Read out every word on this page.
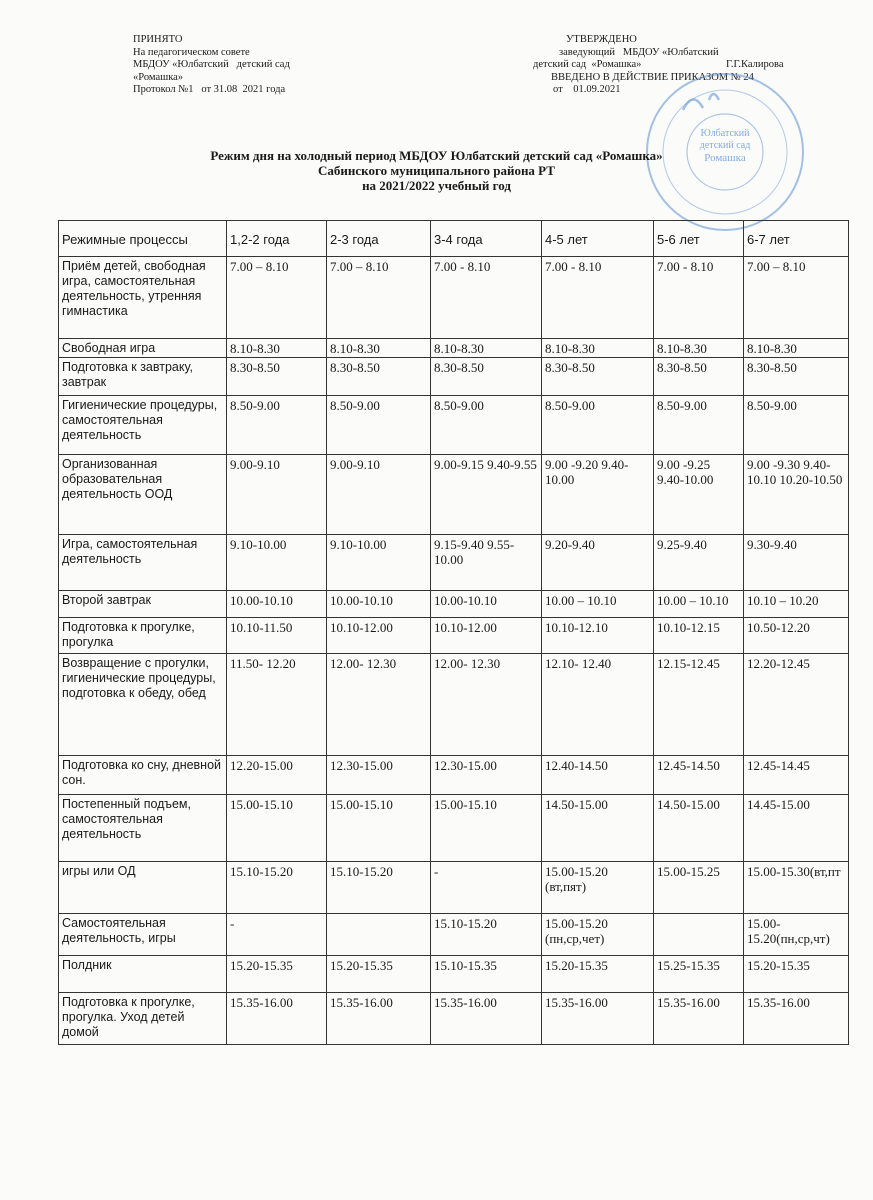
ПРИНЯТО
На педагогическом совете
МБДОУ «Юлбатский   детский сад
«Ромашка»
Протокол №1   от 31.08  2021 года
УТВЕРЖДЕНО
заведующий   МБДОУ «Юлбатский
детский сад  «Ромашка»	Г.Г.Калирова
ВВЕДЕНО В ДЕЙСТВИЕ ПРИКАЗОМ № 24
от    01.09.2021
Юлбатский
детский сад
Ромашка
Режим дня на холодный период МБДОУ Юлбатский детский сад «Ромашка»
Сабинского муниципального района РТ
на 2021/2022 учебный год
Режимные процессы	1,2-2 года	2-3 года	3-4 года	4-5 лет	5-6 лет	6-7 лет
Приём детей, свободная игра, самостоятельная деятельность, утренняя гимнастика	7.00 – 8.10	7.00 – 8.10	7.00 - 8.10	7.00 - 8.10	7.00 - 8.10	7.00 – 8.10
Свободная игра	8.10-8.30	8.10-8.30	8.10-8.30	8.10-8.30	8.10-8.30	8.10-8.30
Подготовка к завтраку, завтрак	8.30-8.50	8.30-8.50	8.30-8.50	8.30-8.50	8.30-8.50	8.30-8.50
Гигиенические процедуры, самостоятельная деятельность	8.50-9.00	8.50-9.00	8.50-9.00	8.50-9.00	8.50-9.00	8.50-9.00
Организованная образовательная деятельность ООД	9.00-9.10	9.00-9.10	9.00-9.15 9.40-9.55	9.00 -9.20 9.40-10.00	9.00 -9.25 9.40-10.00	9.00 -9.30 9.40-10.10 10.20-10.50
Игра, самостоятельная деятельность	9.10-10.00	9.10-10.00	9.15-9.40 9.55-10.00	9.20-9.40	9.25-9.40	9.30-9.40
Второй завтрак	10.00-10.10	10.00-10.10	10.00-10.10	10.00 – 10.10	10.00 – 10.10	10.10 – 10.20
Подготовка к прогулке, прогулка	10.10-11.50	10.10-12.00	10.10-12.00	10.10-12.10	10.10-12.15	10.50-12.20
Возвращение с прогулки, гигиенические процедуры, подготовка к обеду, обед	11.50- 12.20	12.00- 12.30	12.00- 12.30	12.10- 12.40	12.15-12.45	12.20-12.45
Подготовка ко сну, дневной сон.	12.20-15.00	12.30-15.00	12.30-15.00	12.40-14.50	12.45-14.50	12.45-14.45
Постепенный подъем, самостоятельная деятельность	15.00-15.10	15.00-15.10	15.00-15.10	14.50-15.00	14.50-15.00	14.45-15.00
игры или ОД	15.10-15.20	15.10-15.20	-	15.00-15.20 (вт,пят)	15.00-15.25	15.00-15.30(вт,пт
Самостоятельная деятельность, игры	-		15.10-15.20	15.00-15.20 (пн,ср,чет)		15.00-15.20(пн,ср,чт)
Полдник	15.20-15.35	15.20-15.35	15.10-15.35	15.20-15.35	15.25-15.35	15.20-15.35
Подготовка к прогулке, прогулка. Уход детей домой	15.35-16.00	15.35-16.00	15.35-16.00	15.35-16.00	15.35-16.00	15.35-16.00
